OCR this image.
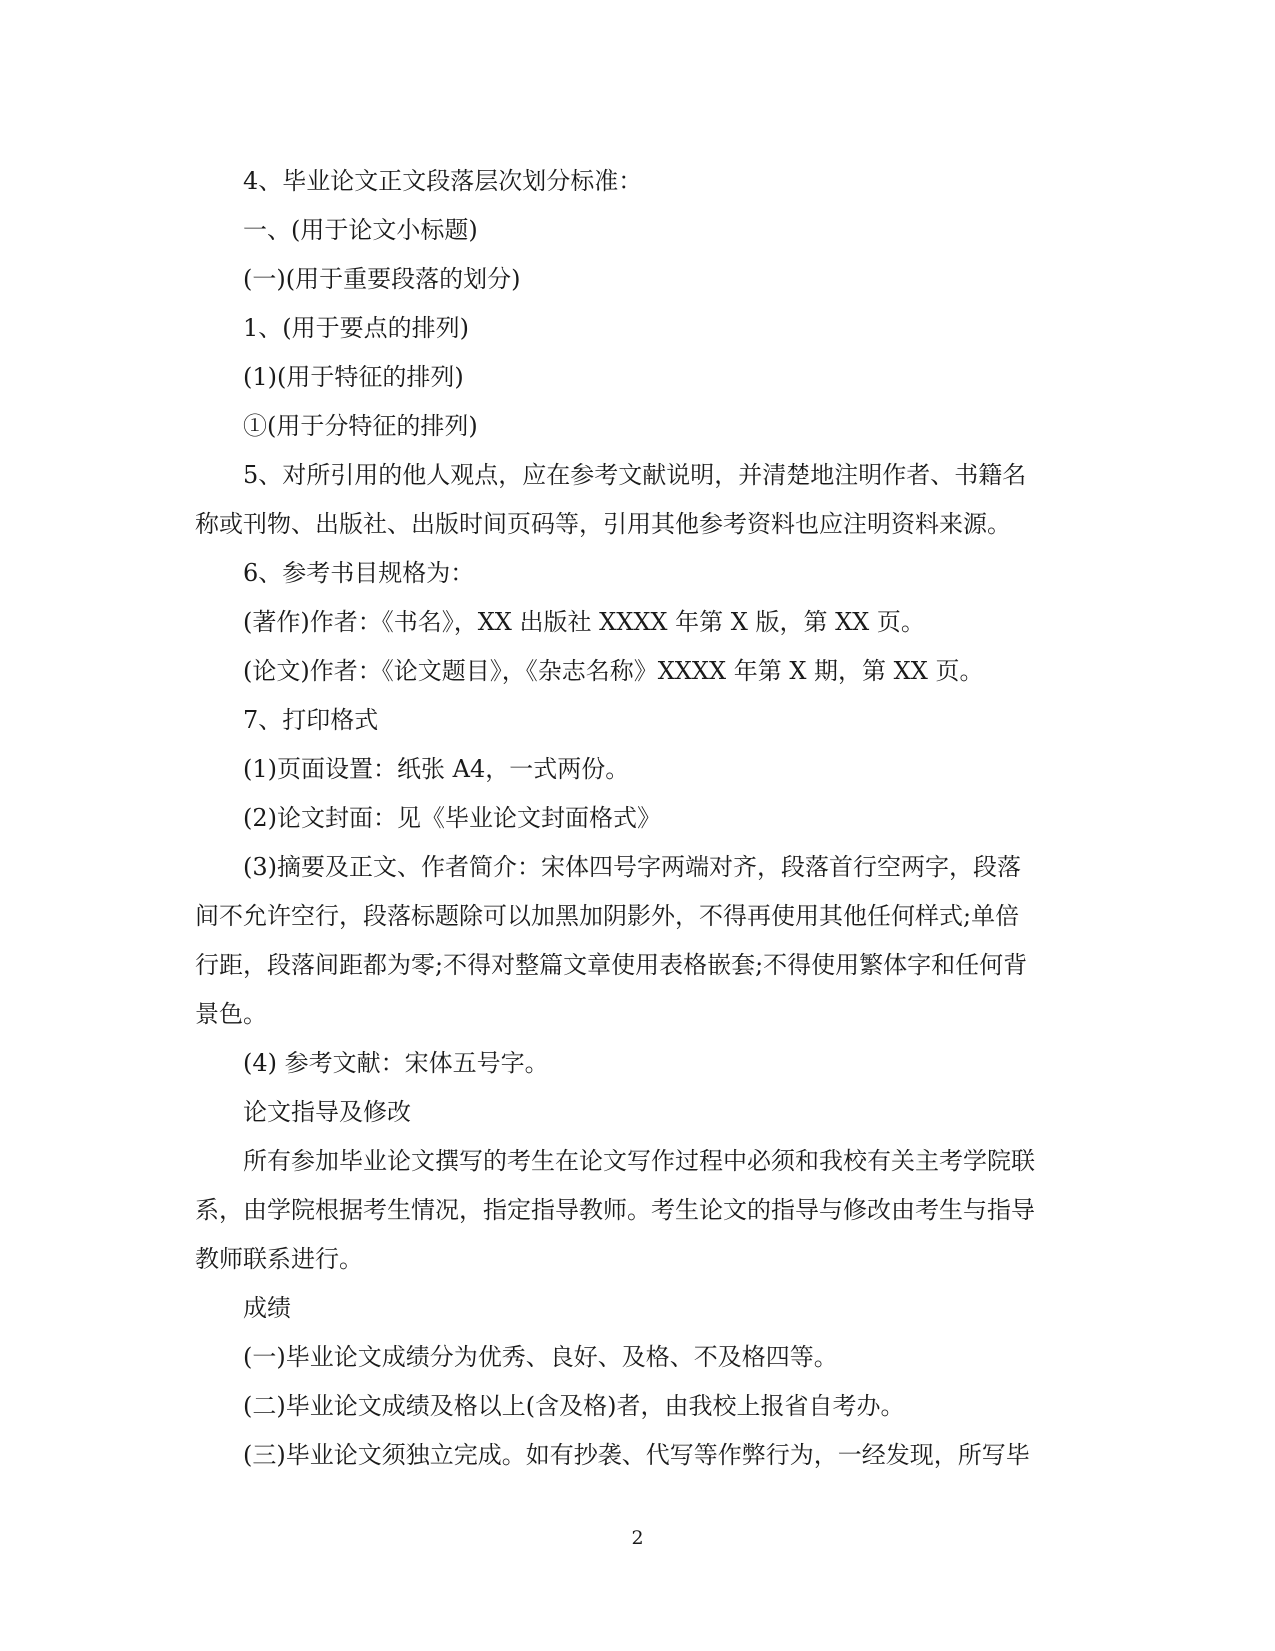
4、毕业论文正文段落层次划分标准：

一、(用于论文小标题)

(一)(用于重要段落的划分)

1、(用于要点的排列)

(1)(用于特征的排列)

①(用于分特征的排列)

5、对所引用的他人观点，应在参考文献说明，并清楚地注明作者、书籍名

称或刊物、出版社、出版时间页码等，引用其他参考资料也应注明资料来源。

6、参考书目规格为：

(著作)作者：《书名》，XX 出版社 XXXX 年第 X 版，第 XX 页。

(论文)作者：《论文题目》，《杂志名称》XXXX 年第 X 期，第 XX 页。

7、打印格式

(1)页面设置：纸张 A4，一式两份。

(2)论文封面：见《毕业论文封面格式》

(3)摘要及正文、作者简介：宋体四号字两端对齐，段落首行空两字，段落

间不允许空行，段落标题除可以加黑加阴影外，不得再使用其他任何样式;单倍

行距，段落间距都为零;不得对整篇文章使用表格嵌套;不得使用繁体字和任何背

景色。

(4) 参考文献：宋体五号字。

论文指导及修改

所有参加毕业论文撰写的考生在论文写作过程中必须和我校有关主考学院联

系，由学院根据考生情况，指定指导教师。考生论文的指导与修改由考生与指导

教师联系进行。

成绩

(一)毕业论文成绩分为优秀、良好、及格、不及格四等。

(二)毕业论文成绩及格以上(含及格)者，由我校上报省自考办。

(三)毕业论文须独立完成。如有抄袭、代写等作弊行为，一经发现，所写毕

2
